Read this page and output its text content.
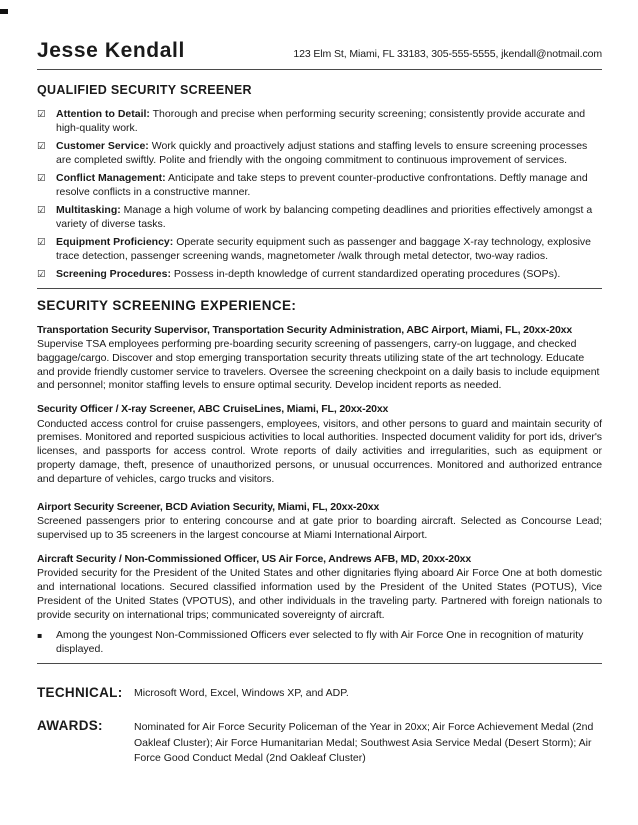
Jesse Kendall	123 Elm St, Miami, FL 33183, 305-555-5555, jkendall@notmail.com
QUALIFIED SECURITY SCREENER
☑ Attention to Detail: Thorough and precise when performing security screening; consistently provide accurate and high-quality work.

☑ Customer Service: Work quickly and proactively adjust stations and staffing levels to ensure screening processes are completed swiftly. Polite and friendly with the ongoing commitment to continuous improvement of services.

☑ Conflict Management: Anticipate and take steps to prevent counter-productive confrontations. Deftly manage and resolve conflicts in a constructive manner.

☑ Multitasking: Manage a high volume of work by balancing competing deadlines and priorities effectively amongst a variety of diverse tasks.

☑ Equipment Proficiency: Operate security equipment such as passenger and baggage X-ray technology, explosive trace detection, passenger screening wands, magnetometer /walk through metal detector, two-way radios.

☑ Screening Procedures: Possess in-depth knowledge of current standardized operating procedures (SOPs).

SECURITY SCREENING EXPERIENCE:

Transportation Security Supervisor, Transportation Security Administration, ABC Airport, Miami, FL, 20xx-20xx

Supervise TSA employees performing pre-boarding security screening of passengers, carry-on luggage, and checked baggage/cargo. Discover and stop emerging transportation security threats utilizing state of the art technology. Educate and provide friendly customer service to travelers. Oversee the screening checkpoint on a daily basis to include equipment and personnel; monitor staffing levels to ensure optimal security. Develop incident reports as needed.

Security Officer / X-ray Screener, ABC CruiseLines, Miami, FL, 20xx-20xx

Conducted access control for cruise passengers, employees, visitors, and other persons to guard and maintain security of premises. Monitored and reported suspicious activities to local authorities. Inspected document validity for port ids, driver's licenses, and passports for access control. Wrote reports of daily activities and irregularities, such as equipment or property damage, theft, presence of unauthorized persons, or unusual occurrences. Monitored and authorized entrance and departure of vehicles, cargo trucks and visitors.

Airport Security Screener, BCD Aviation Security, Miami, FL, 20xx-20xx

Screened passengers prior to entering concourse and at gate prior to boarding aircraft. Selected as Concourse Lead; supervised up to 35 screeners in the largest concourse at Miami International Airport.

Aircraft Security / Non-Commissioned Officer, US Air Force, Andrews AFB, MD, 20xx-20xx

Provided security for the President of the United States and other dignitaries flying aboard Air Force One at both domestic and international locations. Secured classified information used by the President of the United States (POTUS), Vice President of the United States (VPOTUS), and other individuals in the traveling party. Partnered with foreign nationals to provide security on international trips; communicated sovereignty of aircraft.

▪	Among the youngest Non-Commissioned Officers ever selected to fly with Air Force One in recognition of maturity displayed.

TECHNICAL:	Microsoft Word, Excel, Windows XP, and ADP.

AWARDS:	Nominated for Air Force Security Policeman of the Year in 20xx; Air Force Achievement Medal (2nd Oakleaf Cluster); Air Force Humanitarian Medal; Southwest Asia Service Medal (Desert Storm); Air Force Good Conduct Medal (2nd Oakleaf Cluster)
